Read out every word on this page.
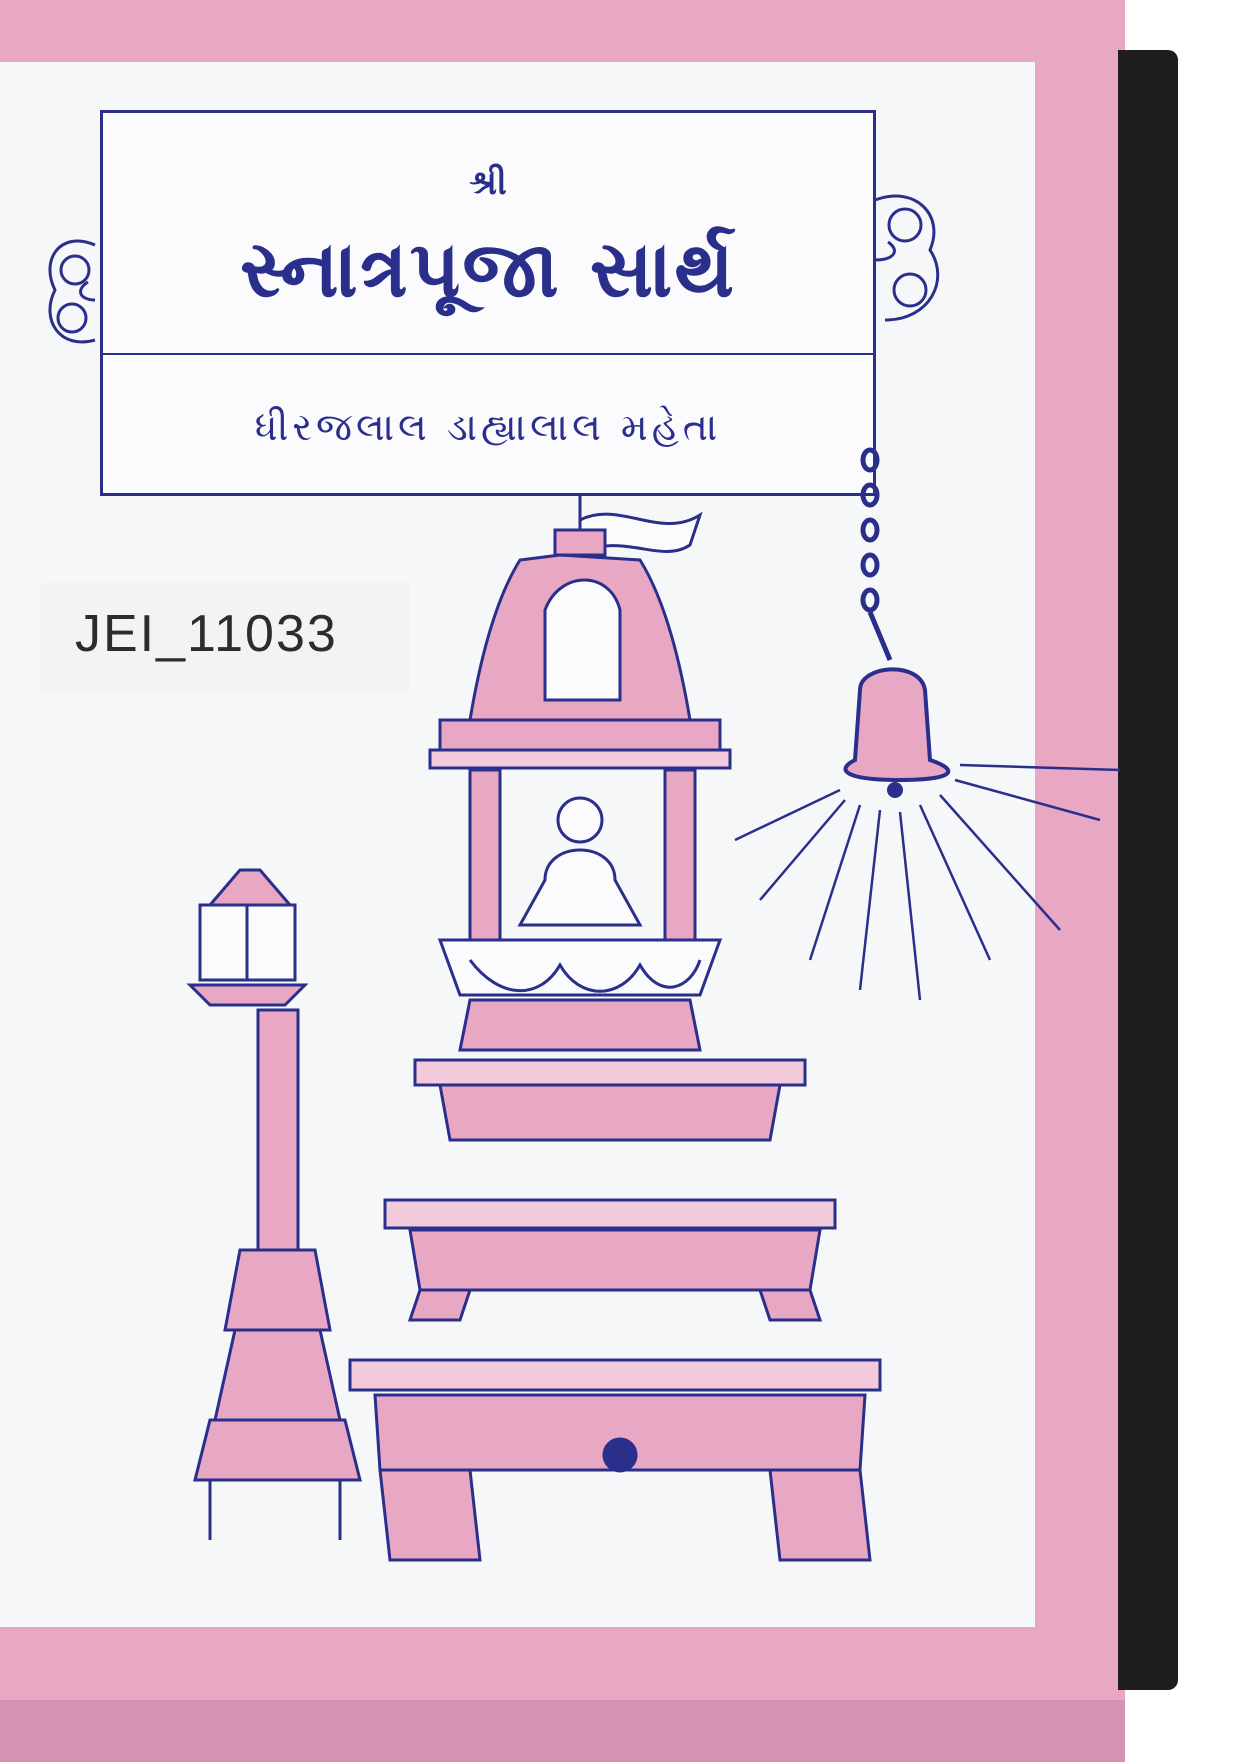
શ્રી
સ્નાત્રપૂજા સાર્થ
ધીરજલાલ ડાહ્યાલાલ મહેતા
JEI_11033
